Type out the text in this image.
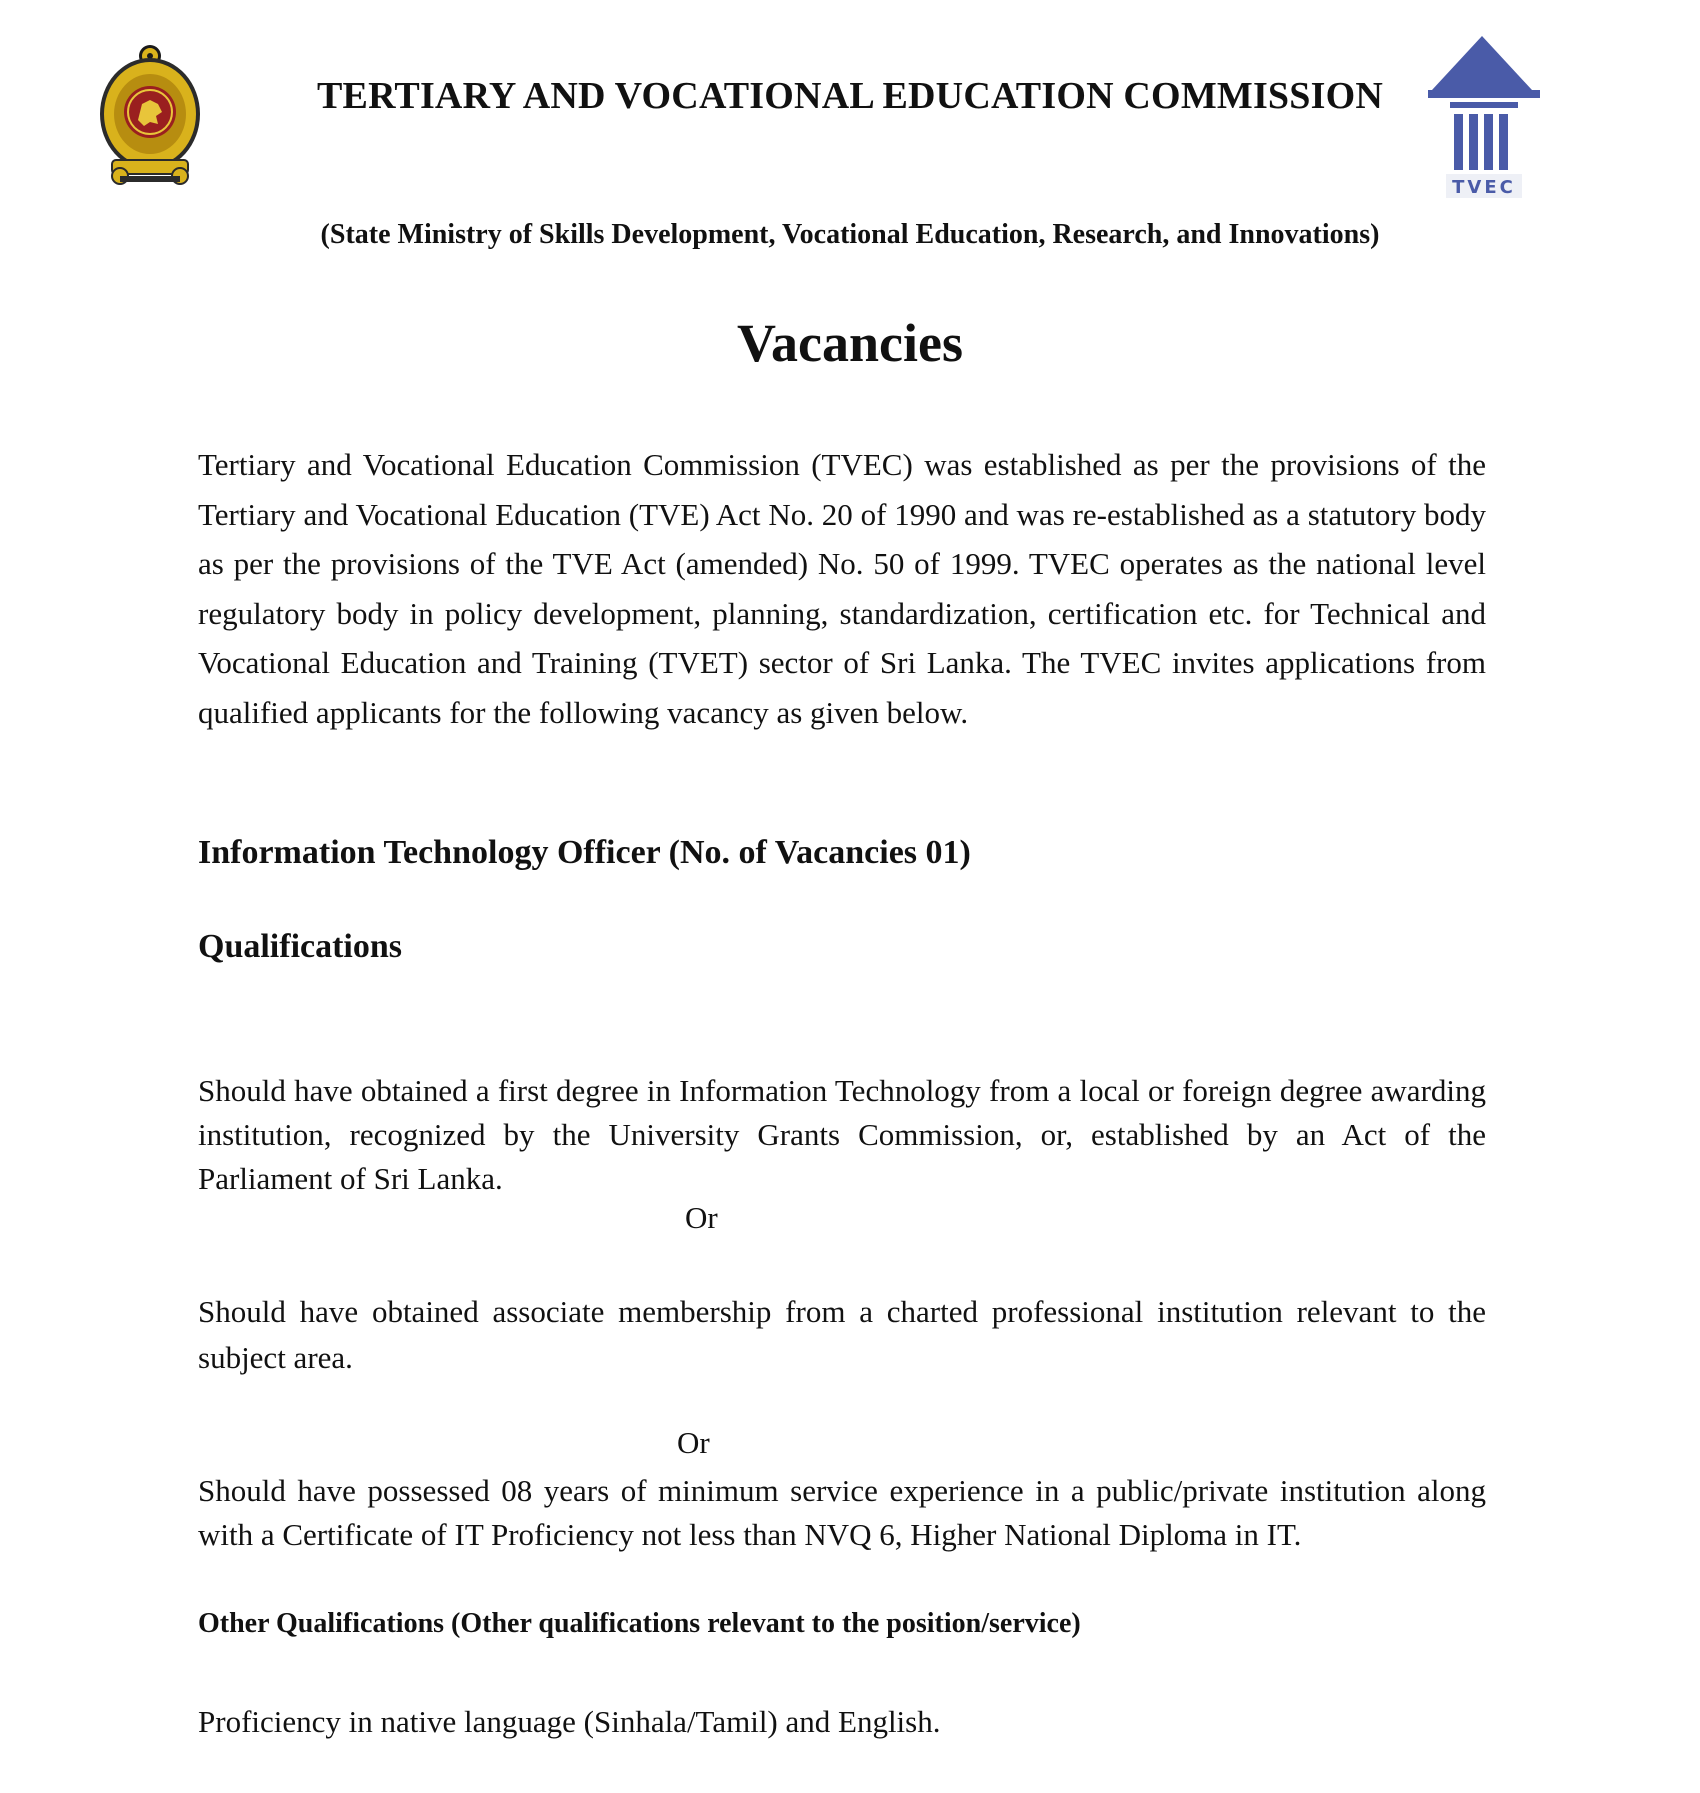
TVEC
TERTIARY AND VOCATIONAL EDUCATION COMMISSION
(State Ministry of Skills Development, Vocational Education, Research, and Innovations)
Vacancies
Tertiary and Vocational Education Commission (TVEC) was established as per the provisions of the Tertiary and Vocational Education (TVE) Act No. 20 of 1990 and was re-established as a statutory body as per the provisions of the TVE Act (amended) No. 50 of 1999. TVEC operates as the national level regulatory body in policy development, planning, standardization, certification etc. for Technical and Vocational Education and Training (TVET) sector of Sri Lanka. The TVEC invites applications from qualified applicants for the following vacancy as given below.
Information Technology Officer (No. of Vacancies 01)
Qualifications
Should have obtained a first degree in Information Technology from a local or foreign degree awarding institution, recognized by the University Grants Commission, or, established by an Act of the Parliament of Sri Lanka.
Or
Should have obtained associate membership from a charted professional institution relevant to the subject area.
Or
Should have possessed 08 years of minimum service experience in a public/private institution along with a Certificate of IT Proficiency not less than NVQ 6, Higher National Diploma in IT.
Other Qualifications (Other qualifications relevant to the position/service)
Proficiency in native language (Sinhala/Tamil) and English.
